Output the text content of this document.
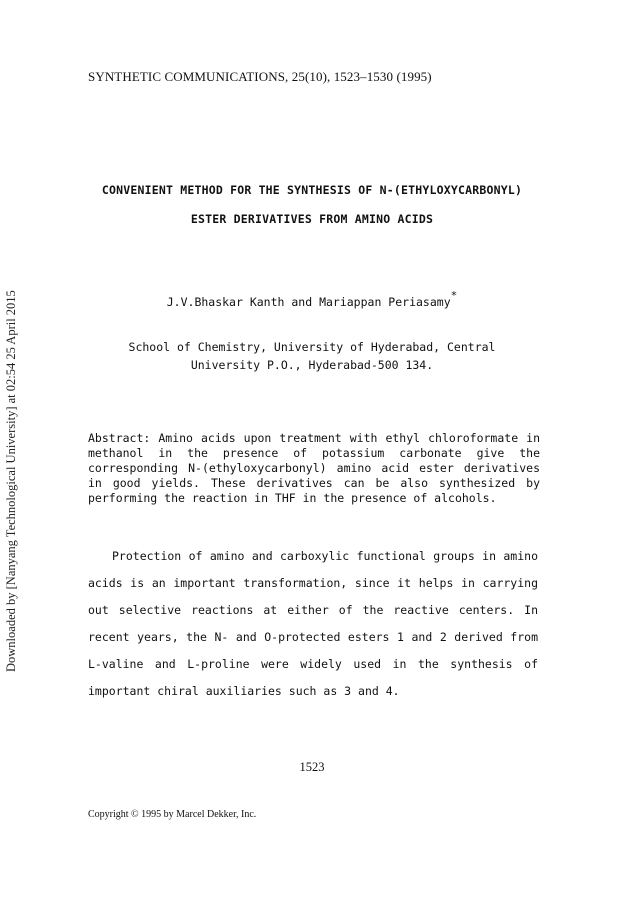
Downloaded by [Nanyang Technological University] at 02:54 25 April 2015
SYNTHETIC COMMUNICATIONS, 25(10), 1523–1530 (1995)
CONVENIENT METHOD FOR THE SYNTHESIS OF N-(ETHYLOXYCARBONYL)
ESTER DERIVATIVES FROM AMINO ACIDS
J.V.Bhaskar Kanth and Mariappan Periasamy*
School of Chemistry, University of Hyderabad, Central
University P.O., Hyderabad-500 134.
Abstract: Amino acids upon treatment with ethyl chloroformate in
methanol in the presence of potassium carbonate give the
corresponding N-(ethyloxycarbonyl) amino acid ester derivatives
in good yields. These derivatives can be also synthesized by
performing the reaction in THF in the presence of alcohols.
Protection of amino and carboxylic functional groups in amino
acids is an important transformation, since it helps in carrying
out selective reactions at either of the reactive centers. In
recent years, the N- and O-protected esters 1 and 2 derived from
L-valine and L-proline were widely used in the synthesis of
important chiral auxiliaries such as 3 and 4.
1523
Copyright © 1995 by Marcel Dekker, Inc.
